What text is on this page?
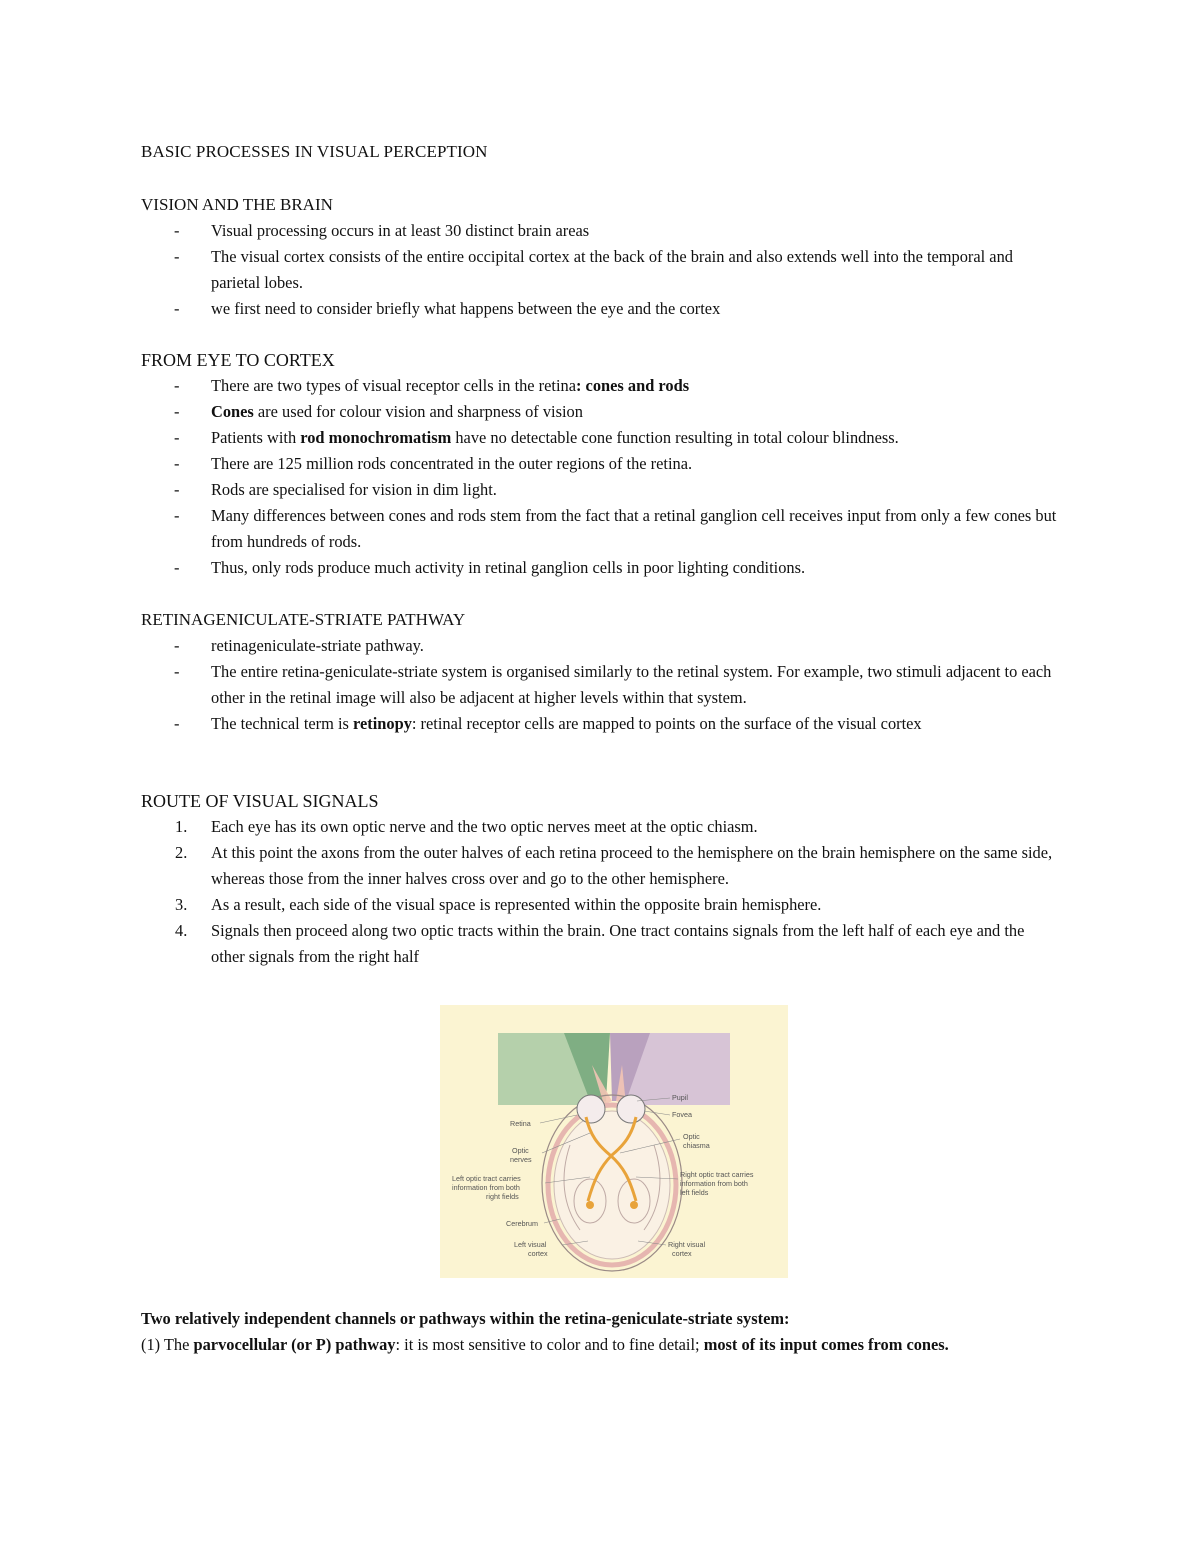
BASIC PROCESSES IN VISUAL PERCEPTION
VISION AND THE BRAIN
- Visual processing occurs in at least 30 distinct brain areas
- The visual cortex consists of the entire occipital cortex at the back of the brain and also extends well into the temporal and parietal lobes.
- we first need to consider briefly what happens between the eye and the cortex
FROM EYE TO CORTEX
- There are two types of visual receptor cells in the retina: cones and rods
- Cones are used for colour vision and sharpness of vision
- Patients with rod monochromatism have no detectable cone function resulting in total colour blindness.
- There are 125 million rods concentrated in the outer regions of the retina.
- Rods are specialised for vision in dim light.
- Many differences between cones and rods stem from the fact that a retinal ganglion cell receives input from only a few cones but from hundreds of rods.
- Thus, only rods produce much activity in retinal ganglion cells in poor lighting conditions.
RETINAGENICULATE-STRIATE PATHWAY
- retinageniculate-striate pathway.
- The entire retina-geniculate-striate system is organised similarly to the retinal system. For example, two stimuli adjacent to each other in the retinal image will also be adjacent at higher levels within that system.
- The technical term is retinopy: retinal receptor cells are mapped to points on the surface of the visual cortex
ROUTE OF VISUAL SIGNALS
1. Each eye has its own optic nerve and the two optic nerves meet at the optic chiasm.
2. At this point the axons from the outer halves of each retina proceed to the hemisphere on the brain hemisphere on the same side, whereas those from the inner halves cross over and go to the other hemisphere.
3. As a result, each side of the visual space is represented within the opposite brain hemisphere.
4. Signals then proceed along two optic tracts within the brain. One tract contains signals from the left half of each eye and the other signals from the right half
Pupil
Fovea
Retina
Optic
chiasma
Optic
nerves
Left optic tract carries
information from both
right fields
Right optic tract carries
information from both
left fields
Cerebrum
Left visual
cortex
Right visual
cortex
Two relatively independent channels or pathways within the retina-geniculate-striate system:
(1) The parvocellular (or P) pathway: it is most sensitive to color and to fine detail; most of its input comes from cones.
